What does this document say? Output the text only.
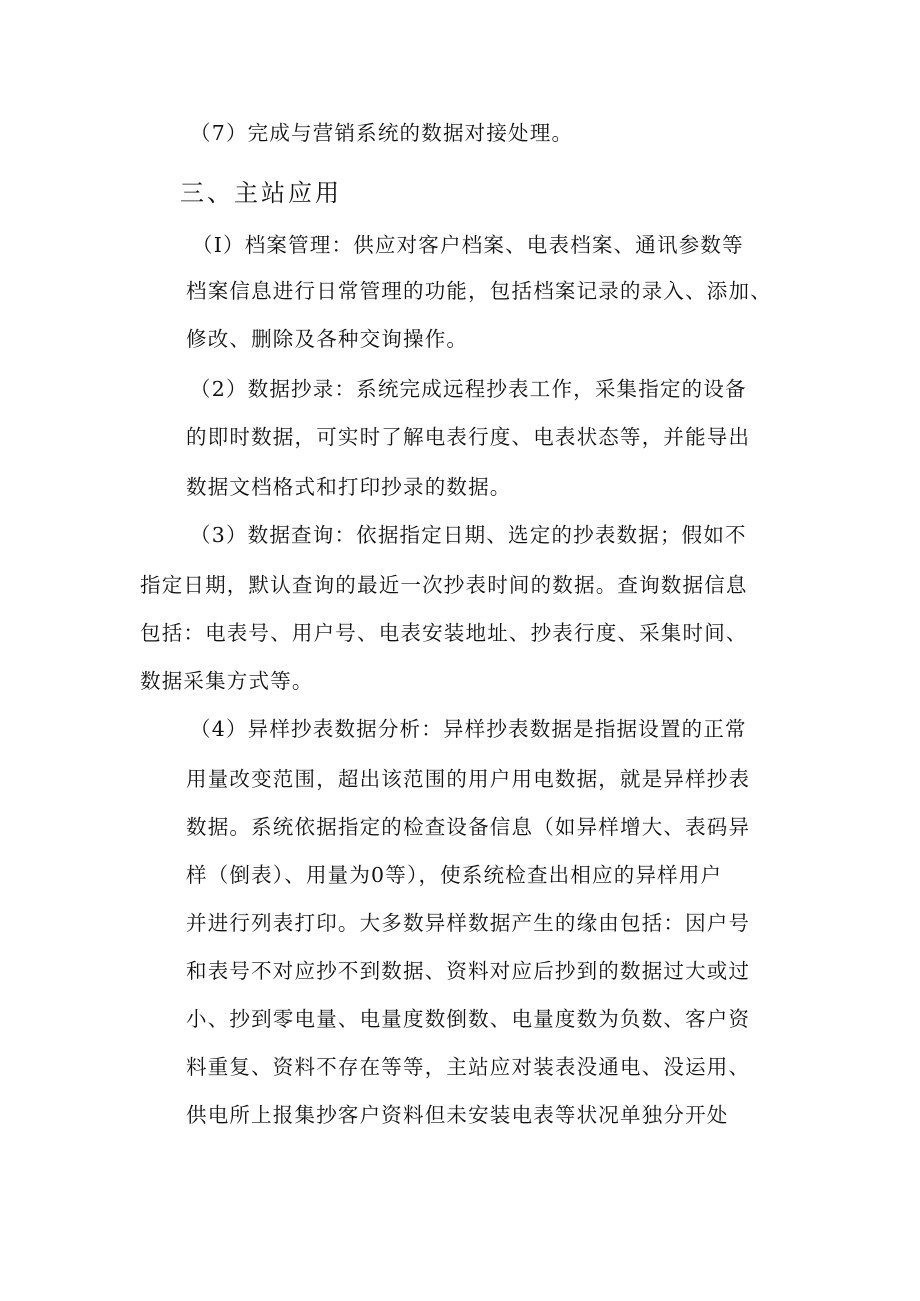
（7）完成与营销系统的数据对接处理。
三、主站应用
（I）档案管理：供应对客户档案、电表档案、通讯参数等
档案信息进行日常管理的功能，包括档案记录的录入、添加、
修改、删除及各种交询操作。
（2）数据抄录：系统完成远程抄表工作，采集指定的设备
的即时数据，可实时了解电表行度、电表状态等，并能导出
数据文档格式和打印抄录的数据。
（3）数据查询：依据指定日期、选定的抄表数据；假如不
指定日期，默认查询的最近一次抄表时间的数据。查询数据信息
包括：电表号、用户号、电表安装地址、抄表行度、采集时间、
数据采集方式等。
（4）异样抄表数据分析：异样抄表数据是指据设置的正常
用量改变范围，超出该范围的用户用电数据，就是异样抄表
数据。系统依据指定的检查设备信息（如异样增大、表码异
样（倒表）、用量为0等），使系统检查出相应的异样用户
并进行列表打印。大多数异样数据产生的缘由包括：因户号
和表号不对应抄不到数据、资料对应后抄到的数据过大或过
小、抄到零电量、电量度数倒数、电量度数为负数、客户资
料重复、资料不存在等等，主站应对装表没通电、没运用、
供电所上报集抄客户资料但未安装电表等状况单独分开处
